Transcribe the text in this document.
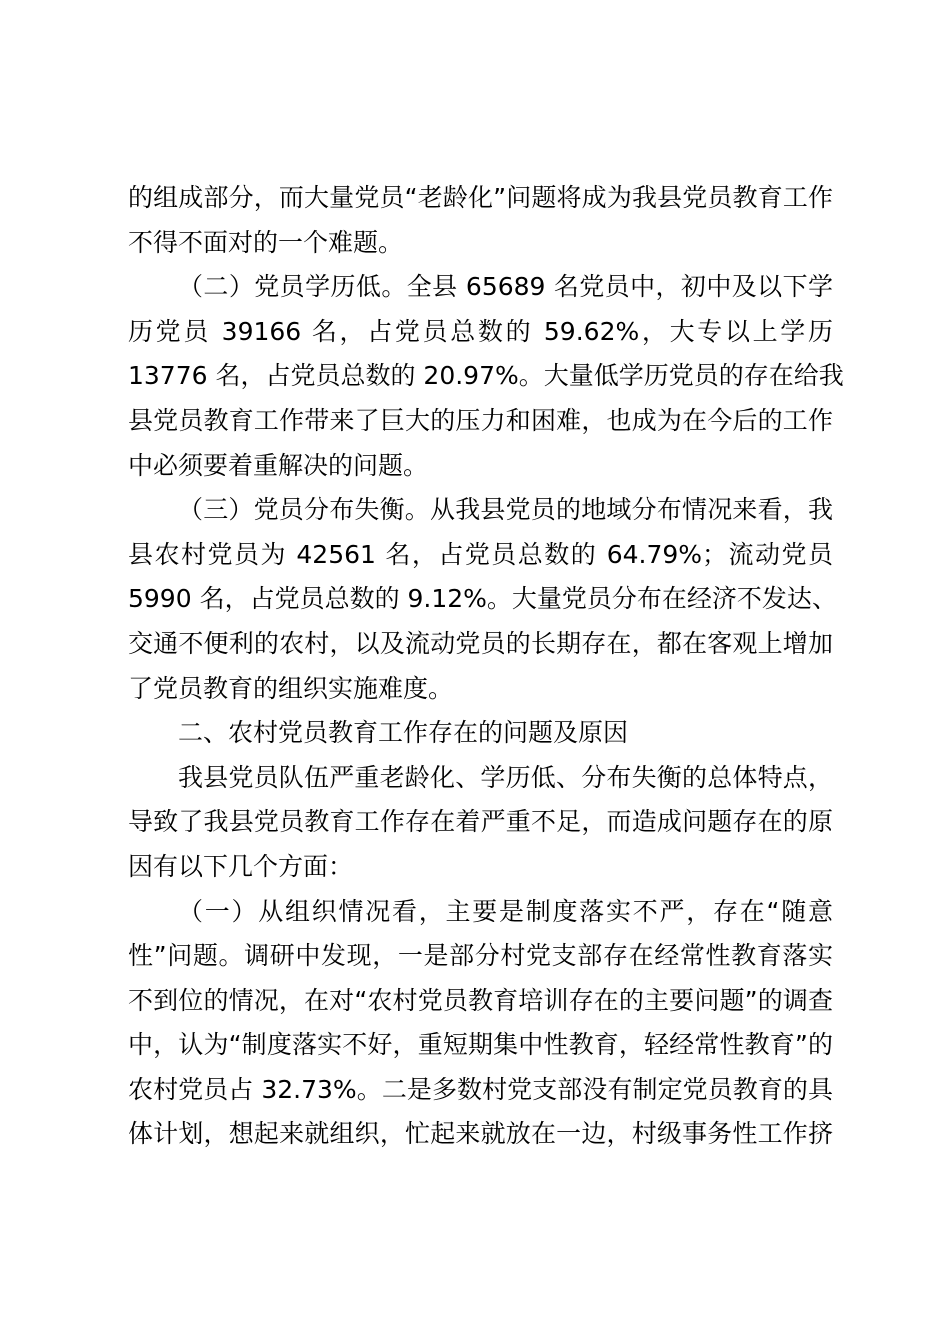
的组成部分，而大量党员“老龄化”问题将成为我县党员教育工作
不得不面对的一个难题。
（二）党员学历低。全县 65689 名党员中，初中及以下学
历党员 39166 名，占党员总数的 59.62%，大专以上学历
13776 名，占党员总数的 20.97%。大量低学历党员的存在给我
县党员教育工作带来了巨大的压力和困难，也成为在今后的工作
中必须要着重解决的问题。
（三）党员分布失衡。从我县党员的地域分布情况来看，我
县农村党员为 42561 名，占党员总数的 64.79%；流动党员
5990 名，占党员总数的 9.12%。大量党员分布在经济不发达、
交通不便利的农村，以及流动党员的长期存在，都在客观上增加
了党员教育的组织实施难度。
二、农村党员教育工作存在的问题及原因
我县党员队伍严重老龄化、学历低、分布失衡的总体特点，
导致了我县党员教育工作存在着严重不足，而造成问题存在的原
因有以下几个方面：
（一）从组织情况看，主要是制度落实不严，存在“随意
性”问题。调研中发现，一是部分村党支部存在经常性教育落实
不到位的情况，在对“农村党员教育培训存在的主要问题”的调查
中，认为“制度落实不好，重短期集中性教育，轻经常性教育”的
农村党员占 32.73%。二是多数村党支部没有制定党员教育的具
体计划，想起来就组织，忙起来就放在一边，村级事务性工作挤
